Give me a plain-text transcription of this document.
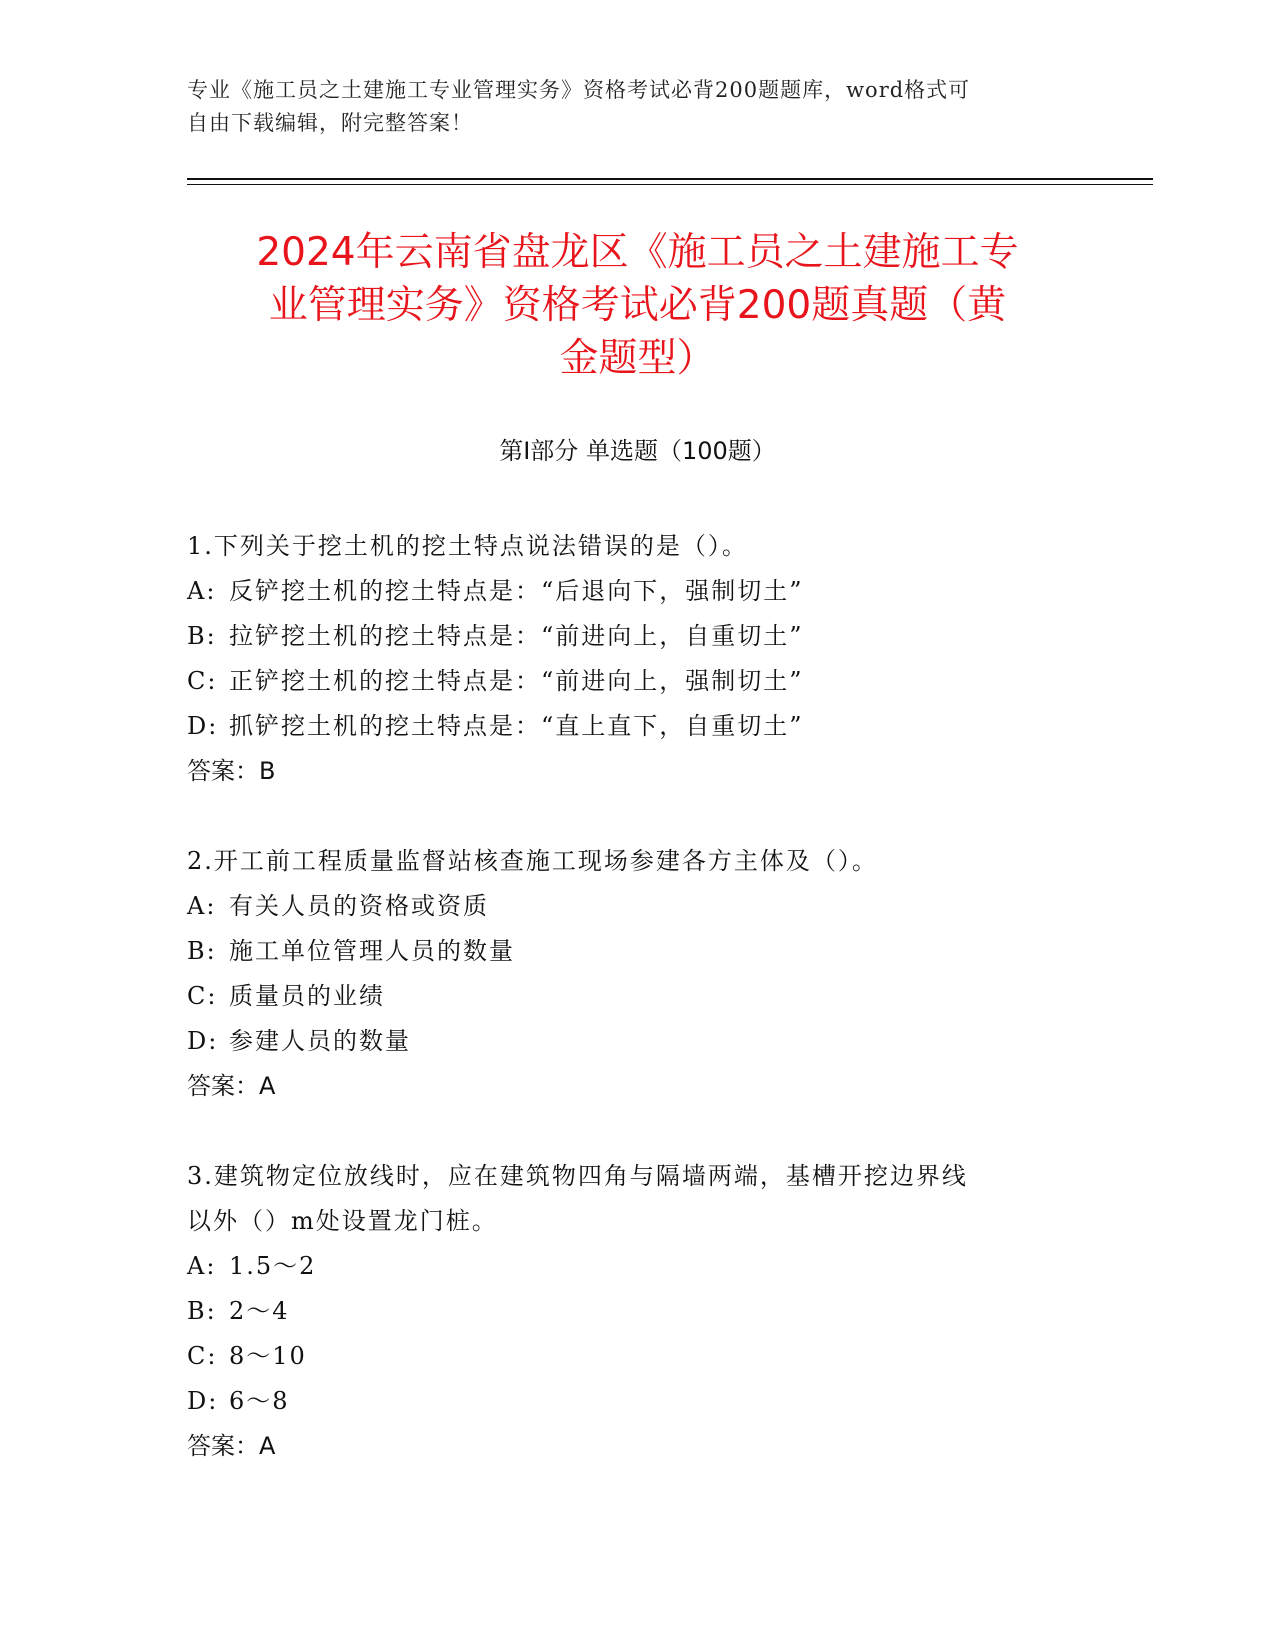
专业《施工员之土建施工专业管理实务》资格考试必背200题题库，word格式可
自由下载编辑，附完整答案！
2024年云南省盘龙区《施工员之土建施工专
业管理实务》资格考试必背200题真题（黄
金题型）
第Ⅰ部分 单选题（100题）
1.下列关于挖土机的挖土特点说法错误的是（）。
A: 反铲挖土机的挖土特点是：“后退向下，强制切土”
B: 拉铲挖土机的挖土特点是：“前进向上，自重切土”
C: 正铲挖土机的挖土特点是：“前进向上，强制切土”
D: 抓铲挖土机的挖土特点是：“直上直下，自重切土”
答案：B
2.开工前工程质量监督站核查施工现场参建各方主体及（）。
A: 有关人员的资格或资质
B: 施工单位管理人员的数量
C: 质量员的业绩
D: 参建人员的数量
答案：A
3.建筑物定位放线时，应在建筑物四角与隔墙两端，基槽开挖边界线
以外（）m处设置龙门桩。
A: 1.5～2
B: 2～4
C: 8～10
D: 6～8
答案：A
